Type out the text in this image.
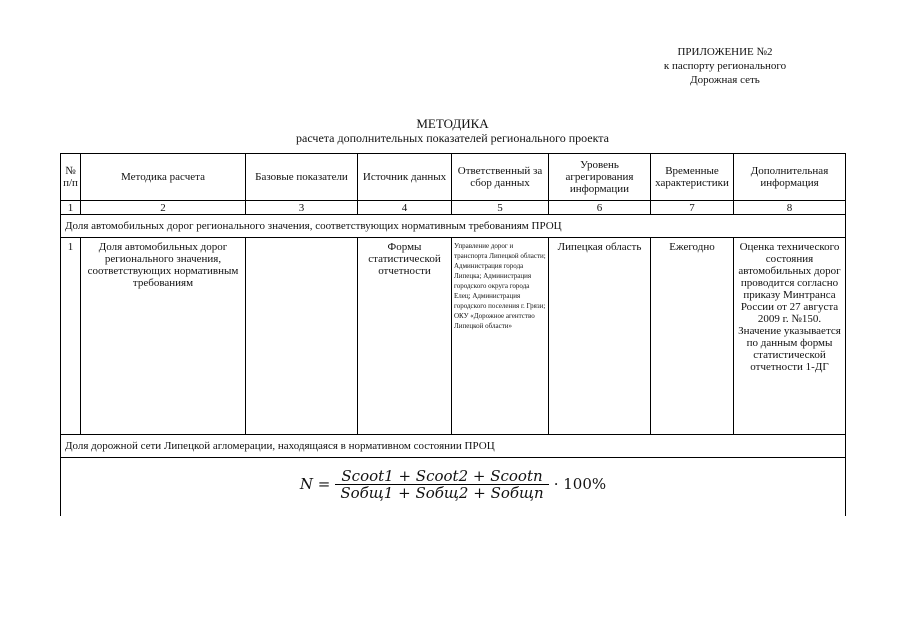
ПРИЛОЖЕНИЕ №2
к паспорту регионального
Дорожная сеть
МЕТОДИКА
расчета дополнительных показателей регионального проекта
№ п/п	Методика расчета	Базовые показатели	Источник данных	Ответственный за сбор данных	Уровень агрегирования информации	Временные характеристики	Дополнительная информация
1	2	3	4	5	6	7	8
Доля автомобильных дорог регионального значения, соответствующих нормативным требованиям ПРОЦ							
1	Доля автомобильных дорог регионального значения, соответствующих нормативным требованиям		Формы статистической отчетности	Управление дорог и транспорта Липецкой области; Администрация города Липецка; Администрация городского округа города Елец; Администрация городского поселения г. Грязи; ОКУ «Дорожное агентство Липецкой области»	Липецкая область	Ежегодно	Оценка технического состояния автомобильных дорог проводится согласно приказу Минтранса России от 27 августа 2009 г. №150. Значение указывается по данным формы статистической отчетности 1-ДГ
Доля дорожной сети Липецкой агломерации, находящаяся в нормативном состоянии ПРОЦ							

$N = \frac{\text{Scoot1 + Scoot2 + Scootn}}{\text{Sобщ1 + Sобщ2 + Sобщn}} \cdot 100\%$							
